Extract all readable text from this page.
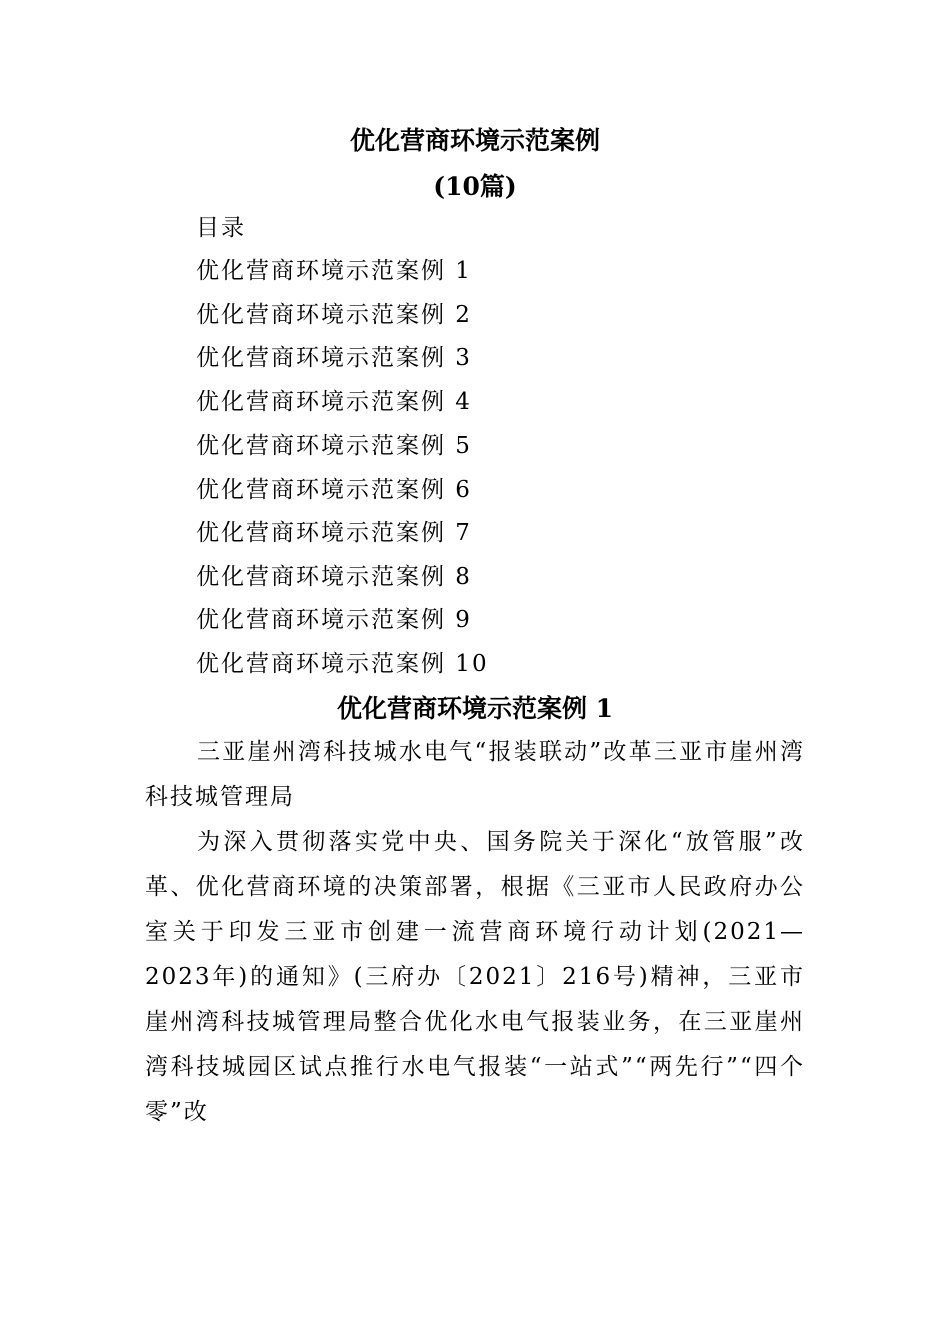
优化营商环境示范案例
(10篇)
目录
优化营商环境示范案例 1
优化营商环境示范案例 2
优化营商环境示范案例 3
优化营商环境示范案例 4
优化营商环境示范案例 5
优化营商环境示范案例 6
优化营商环境示范案例 7
优化营商环境示范案例 8
优化营商环境示范案例 9
优化营商环境示范案例 10
优化营商环境示范案例 1
三亚崖州湾科技城水电气“报装联动”改革三亚市崖州湾科技城管理局
为深入贯彻落实党中央、国务院关于深化“放管服”改革、优化营商环境的决策部署，根据《三亚市人民政府办公室关于印发三亚市创建一流营商环境行动计划(2021—2023年)的通知》(三府办〔2021〕216号)精神，三亚市崖州湾科技城管理局整合优化水电气报装业务，在三亚崖州湾科技城园区试点推行水电气报装“一站式”“两先行”“四个零”改
